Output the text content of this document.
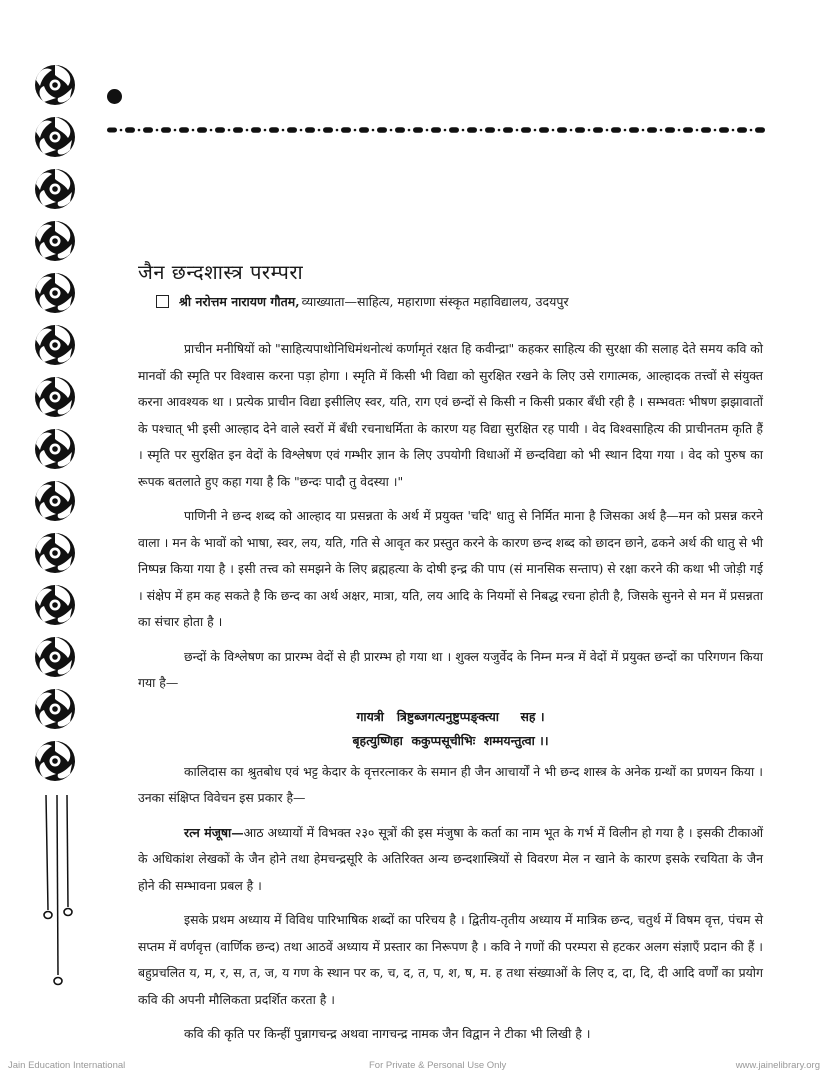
जैन छन्दशास्त्र परम्परा
श्री नरोत्तम नारायण गौतम, व्याख्याता—साहित्य, महाराणा संस्कृत महाविद्यालय, उदयपुर

प्राचीन मनीषियों को "साहित्यपाथोनिधिमंथनोत्थं कर्णामृतं रक्षत हि कवीन्द्रा" कहकर साहित्य की सुरक्षा की सलाह देते समय कवि को मानवों की स्मृति पर विश्वास करना पड़ा होगा । स्मृति में किसी भी विद्या को सुरक्षित रखने के लिए उसे रागात्मक, आल्हादक तत्त्वों से संयुक्त करना आवश्यक था । प्रत्येक प्राचीन विद्या इसीलिए स्वर, यति, राग एवं छन्दों से किसी न किसी प्रकार बँधी रही है । सम्भवतः भीषण झझावातों के पश्चात् भी इसी आल्हाद देने वाले स्वरों में बँधी रचनाधर्मिता के कारण यह विद्या सुरक्षित रह पायी । वेद विश्वसाहित्य की प्राचीनतम कृति हैं । स्मृति पर सुरक्षित इन वेदों के विश्लेषण एवं गम्भीर ज्ञान के लिए उपयोगी विधाओं में छन्दविद्या को भी स्थान दिया गया । वेद को पुरुष का रूपक बतलाते हुए कहा गया है कि "छन्दः पादौ तु वेदस्या ।"

पाणिनी ने छन्द शब्द को आल्हाद या प्रसन्नता के अर्थ में प्रयुक्त 'चदि' धातु से निर्मित माना है जिसका अर्थ है—मन को प्रसन्न करने वाला । मन के भावों को भाषा, स्वर, लय, यति, गति से आवृत कर प्रस्तुत करने के कारण छन्द शब्द को छादन छाने, ढकने अर्थ की धातु से भी निष्पन्न किया गया है । इसी तत्त्व को समझने के लिए ब्रह्महत्या के दोषी इन्द्र की पाप (सं मानसिक सन्ताप) से रक्षा करने की कथा भी जोड़ी गई । संक्षेप में हम कह सकते है कि छन्द का अर्थ अक्षर, मात्रा, यति, लय आदि के नियमों से निबद्ध रचना होती है, जिसके सुनने से मन में प्रसन्नता का संचार होता है ।

छन्दों के विश्लेषण का प्रारम्भ वेदों से ही प्रारम्भ हो गया था । शुक्ल यजुर्वेद के निम्न मन्त्र में वेदों में प्रयुक्त छन्दों का परिगणन किया गया है—

गायत्री   त्रिष्टुब्जगत्यनुष्टुप्पङ्क्त्या     सह ।
बृहत्युष्णिहा  ककुप्पसूचीभिः  शम्मयन्तुत्वा ।।

कालिदास का श्रुतबोध एवं भट्ट केदार के वृत्तरत्नाकर के समान ही जैन आचार्यों ने भी छन्द शास्त्र के अनेक ग्रन्थों का प्रणयन किया । उनका संक्षिप्त विवेचन इस प्रकार है—

रत्न मंजूषा—आठ अध्यायों में विभक्त २३० सूत्रों की इस मंजुषा के कर्ता का नाम भूत के गर्भ में विलीन हो गया है । इसकी टीकाओं के अधिकांश लेखकों के जैन होने तथा हेमचन्द्रसूरि के अतिरिक्त अन्य छन्दशास्त्रियों से विवरण मेल न खाने के कारण इसके रचयिता के जैन होने की सम्भावना प्रबल है ।

इसके प्रथम अध्याय में विविध पारिभाषिक शब्दों का परिचय है । द्वितीय-तृतीय अध्याय में मात्रिक छन्द, चतुर्थ में विषम वृत्त, पंचम से सप्तम में वर्णवृत्त (वार्णिक छन्द) तथा आठवें अध्याय में प्रस्तार का निरूपण है । कवि ने गणों की परम्परा से हटकर अलग संज्ञाएँ प्रदान की हैं । बहुप्रचलित य, म, र, स, त, ज, य गण के स्थान पर क, च, द, त, प, श, ष, म. ह तथा संख्याओं के लिए द, दा, दि, दी आदि वर्णों का प्रयोग कवि की अपनी मौलिकता प्रदर्शित करता है ।

कवि की कृति पर किन्हीं पुन्नागचन्द्र अथवा नागचन्द्र नामक जैन विद्वान ने टीका भी लिखी है ।

Jain Education International	For Private & Personal Use Only	www.jainelibrary.org
